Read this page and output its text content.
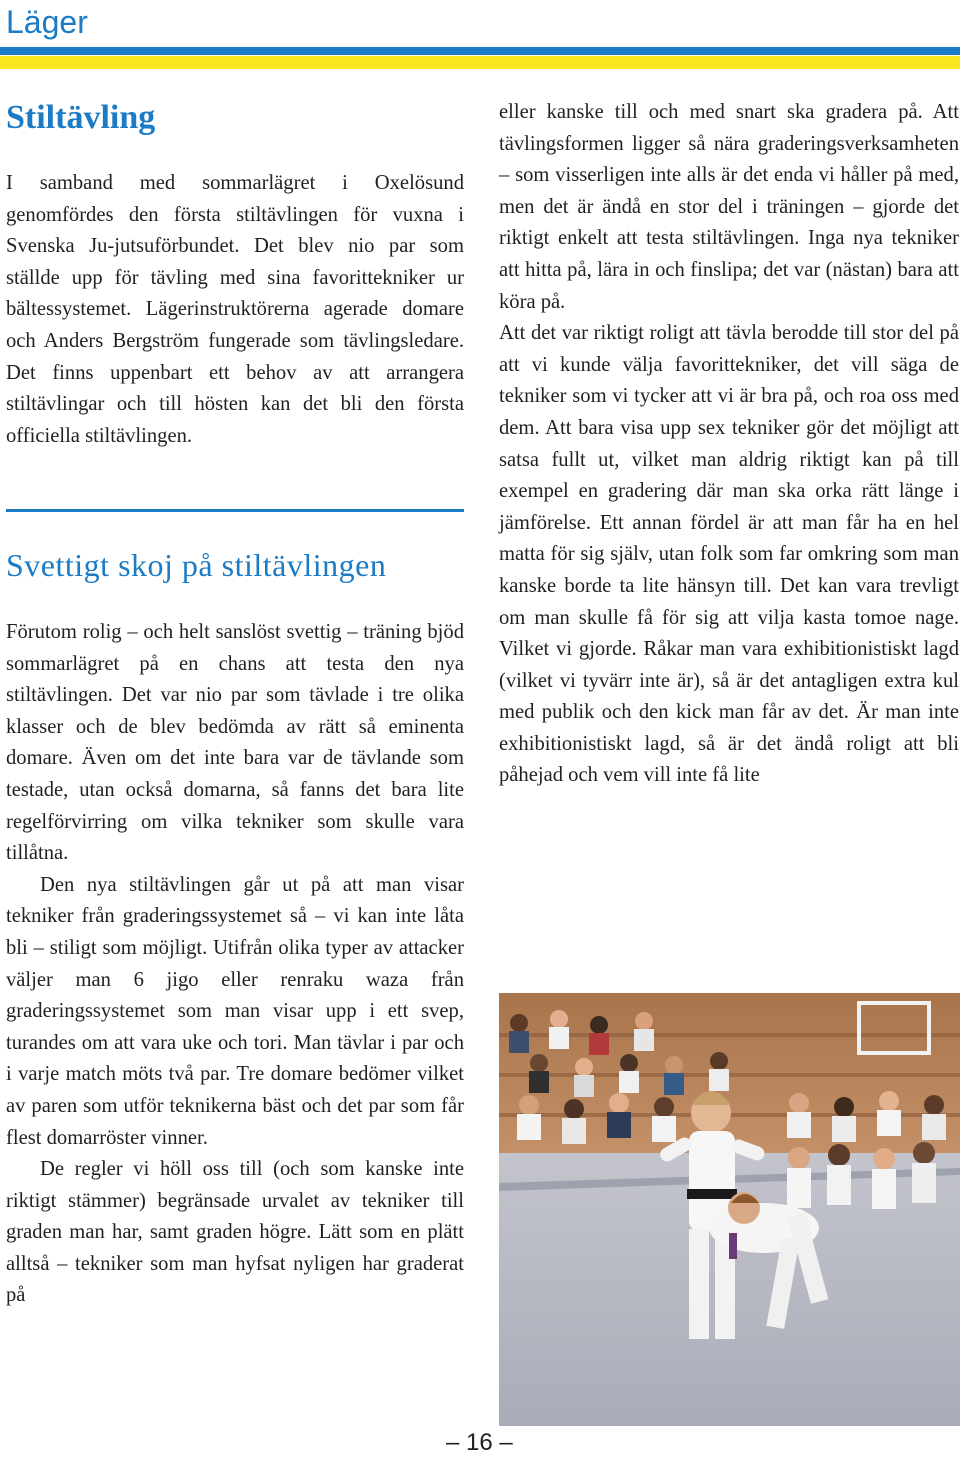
Läger
Stiltävling

I samband med sommarlägret i Oxelösund genomfördes den första stiltävlingen för vuxna i Svenska Ju-jutsuförbundet. Det blev nio par som ställde upp för tävling med sina favorittekniker ur bältessystemet. Lägerinstruktörerna agerade domare och Anders Bergström fungerade som tävlingsledare. Det finns uppenbart ett behov av att arrangera stiltävlingar och till hösten kan det bli den första officiella stiltävlingen.

Svettigt skoj på stiltävlingen

Förutom rolig – och helt sanslöst svettig – träning bjöd sommarlägret på en chans att testa den nya stiltävlingen. Det var nio par som tävlade i tre olika klasser och de blev bedömda av rätt så eminenta domare. Även om det inte bara var de tävlande som testade, utan också domarna, så fanns det bara lite regelförvirring om vilka tekniker som skulle vara tillåtna.

Den nya stiltävlingen går ut på att man visar tekniker från graderingssystemet så – vi kan inte låta bli – stiligt som möjligt. Utifrån olika typer av attacker väljer man 6 jigo eller renraku waza från graderingssystemet som man visar upp i ett svep, turandes om att vara uke och tori. Man tävlar i par och i varje match möts två par. Tre domare bedömer vilket av paren som utför teknikerna bäst och det par som får flest domarröster vinner.

De regler vi höll oss till (och som kanske inte riktigt stämmer) begränsade urvalet av tekniker till graden man har, samt graden högre. Lätt som en plätt alltså – tekniker som man hyfsat nyligen har graderat på

eller kanske till och med snart ska gradera på. Att tävlingsformen ligger så nära graderingsverksamheten – som visserligen inte alls är det enda vi håller på med, men det är ändå en stor del i träningen – gjorde det riktigt enkelt att testa stiltävlingen. Inga nya tekniker att hitta på, lära in och finslipa; det var (nästan) bara att köra på.

Att det var riktigt roligt att tävla berodde till stor del på att vi kunde välja favorittekniker, det vill säga de tekniker som vi tycker att vi är bra på, och roa oss med dem. Att bara visa upp sex tekniker gör det möjligt att satsa fullt ut, vilket man aldrig riktigt kan på till exempel en gradering där man ska orka rätt länge i jämförelse. Ett annan fördel är att man får ha en hel matta för sig själv, utan folk som far omkring som man kanske borde ta lite hänsyn till. Det kan vara trevligt om man skulle få för sig att vilja kasta tomoe nage. Vilket vi gjorde. Råkar man vara exhibitionistiskt lagd (vilket vi tyvärr inte är), så är det antagligen extra kul med publik och den kick man får av det. Är man inte exhibitionistiskt lagd, så är det ändå roligt att bli påhejad och vem vill inte få lite

– 16 –
